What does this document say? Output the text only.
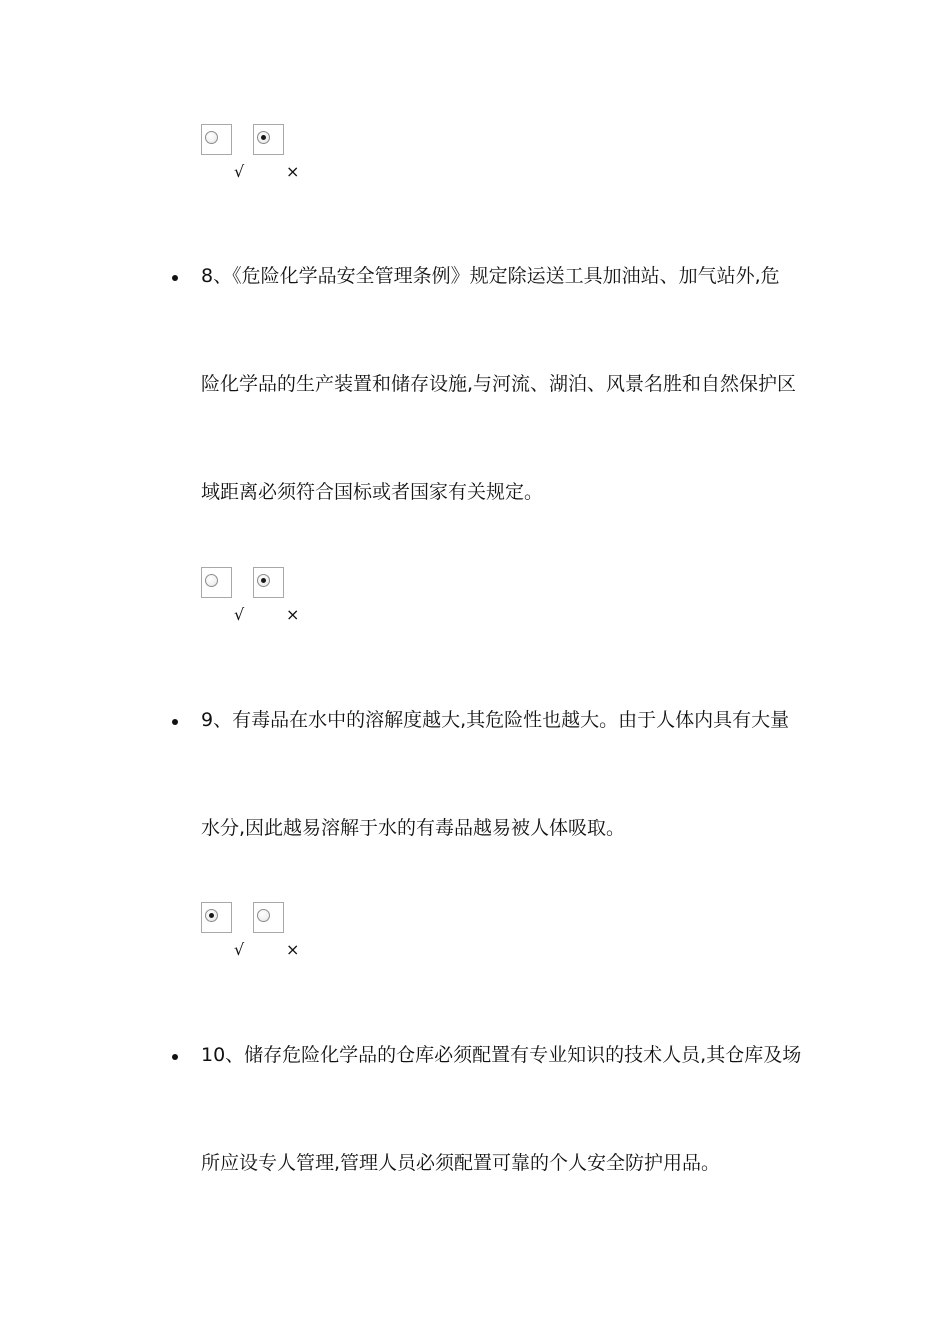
√	×
8、《危险化学品安全管理条例》规定除运送工具加油站、加气站外,危
险化学品的生产装置和储存设施,与河流、湖泊、风景名胜和自然保护区
域距离必须符合国标或者国家有关规定。
√	×
9、有毒品在水中的溶解度越大,其危险性也越大。由于人体内具有大量
水分,因此越易溶解于水的有毒品越易被人体吸取。
√	×
10、储存危险化学品的仓库必须配置有专业知识的技术人员,其仓库及场
所应设专人管理,管理人员必须配置可靠的个人安全防护用品。
